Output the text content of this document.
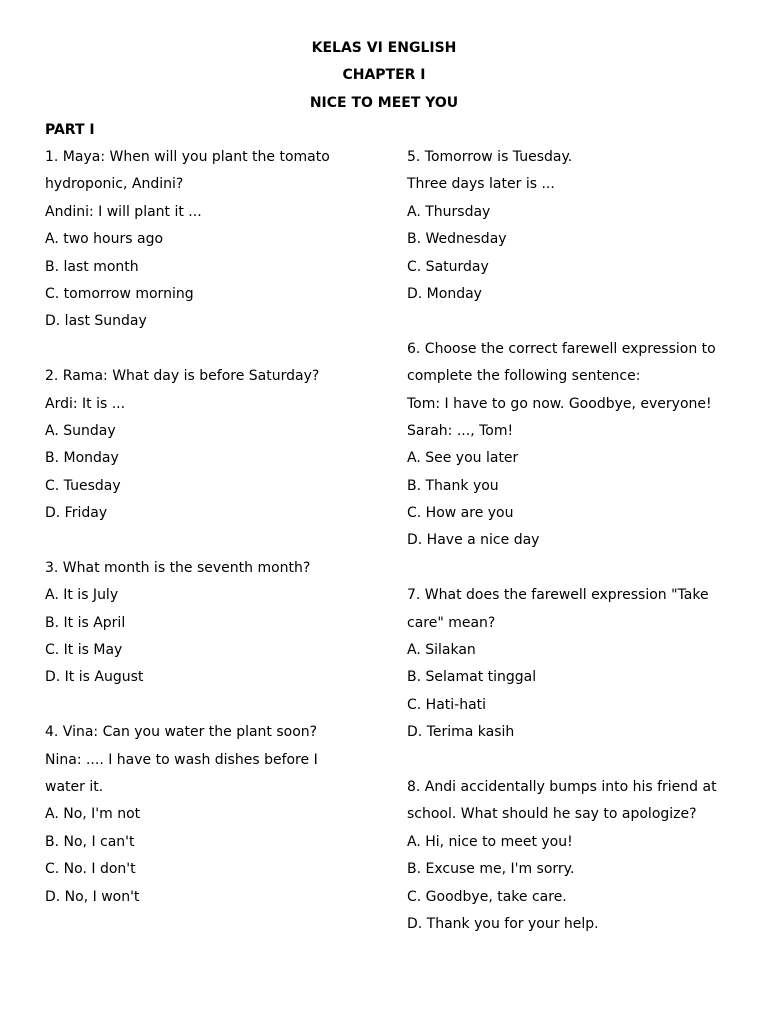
KELAS VI ENGLISH
CHAPTER I
NICE TO MEET YOU
PART I
1. Maya: When will you plant the tomato
hydroponic, Andini?
Andini: I will plant it ...
A. two hours ago
B. last month
C. tomorrow morning
D. last Sunday
2. Rama: What day is before Saturday?
Ardi: It is ...
A. Sunday
B. Monday
C. Tuesday
D. Friday
3. What month is the seventh month?
A. It is July
B. It is April
C. It is May
D. It is August
4. Vina: Can you water the plant soon?
Nina: .... I have to wash dishes before I
water it.
A. No, I'm not
B. No, I can't
C. No. I don't
D. No, I won't
5. Tomorrow is Tuesday.
Three days later is ...
A. Thursday
B. Wednesday
C. Saturday
D. Monday
6. Choose the correct farewell expression to
complete the following sentence:
Tom: I have to go now. Goodbye, everyone!
Sarah: ..., Tom!
A. See you later
B. Thank you
C. How are you
D. Have a nice day
7. What does the farewell expression "Take
care" mean?
A. Silakan
B. Selamat tinggal
C. Hati-hati
D. Terima kasih
8. Andi accidentally bumps into his friend at
school. What should he say to apologize?
A. Hi, nice to meet you!
B. Excuse me, I'm sorry.
C. Goodbye, take care.
D. Thank you for your help.
